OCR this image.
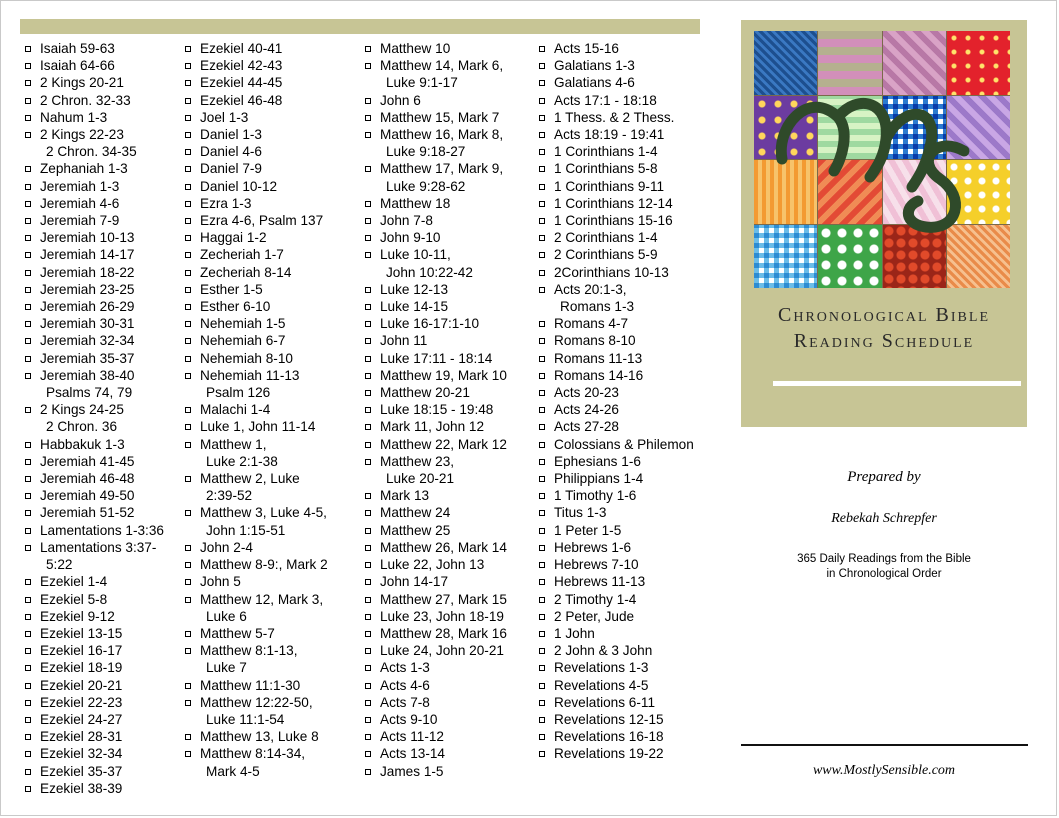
Isaiah 59-63
Isaiah 64-66
2 Kings 20-21
2 Chron. 32-33
Nahum 1-3
2 Kings 22-23
2 Chron. 34-35
Zephaniah 1-3
Jeremiah 1-3
Jeremiah 4-6
Jeremiah 7-9
Jeremiah 10-13
Jeremiah 14-17
Jeremiah 18-22
Jeremiah 23-25
Jeremiah 26-29
Jeremiah 30-31
Jeremiah 32-34
Jeremiah 35-37
Jeremiah 38-40
Psalms 74, 79
2 Kings 24-25
2 Chron. 36
Habbakuk 1-3
Jeremiah 41-45
Jeremiah 46-48
Jeremiah 49-50
Jeremiah 51-52
Lamentations 1-3:36
Lamentations 3:37-
5:22
Ezekiel 1-4
Ezekiel 5-8
Ezekiel 9-12
Ezekiel 13-15
Ezekiel 16-17
Ezekiel 18-19
Ezekiel 20-21
Ezekiel 22-23
Ezekiel 24-27
Ezekiel 28-31
Ezekiel 32-34
Ezekiel 35-37
Ezekiel 38-39
Ezekiel 40-41
Ezekiel 42-43
Ezekiel 44-45
Ezekiel 46-48
Joel 1-3
Daniel 1-3
Daniel 4-6
Daniel 7-9
Daniel 10-12
Ezra 1-3
Ezra 4-6, Psalm 137
Haggai 1-2
Zecheriah 1-7
Zecheriah 8-14
Esther 1-5
Esther 6-10
Nehemiah 1-5
Nehemiah 6-7
Nehemiah 8-10
Nehemiah 11-13
Psalm 126
Malachi 1-4
Luke 1, John 11-14
Matthew 1,
Luke 2:1-38
Matthew 2, Luke
2:39-52
Matthew 3, Luke 4-5,
John 1:15-51
John 2-4
Matthew 8-9:, Mark 2
John 5
Matthew 12, Mark 3,
Luke 6
Matthew 5-7
Matthew 8:1-13,
Luke 7
Matthew 11:1-30
Matthew 12:22-50,
Luke 11:1-54
Matthew 13, Luke 8
Matthew 8:14-34,
Mark 4-5
Matthew 10
Matthew 14, Mark 6,
Luke 9:1-17
John 6
Matthew 15, Mark 7
Matthew 16, Mark 8,
Luke 9:18-27
Matthew 17, Mark 9,
Luke 9:28-62
Matthew 18
John 7-8
John 9-10
Luke 10-11,
John 10:22-42
Luke 12-13
Luke 14-15
Luke 16-17:1-10
John 11
Luke 17:11 - 18:14
Matthew 19, Mark 10
Matthew 20-21
Luke 18:15 - 19:48
Mark 11, John 12
Matthew 22, Mark 12
Matthew 23,
Luke 20-21
Mark 13
Matthew 24
Matthew 25
Matthew 26, Mark 14
Luke 22, John 13
John 14-17
Matthew 27, Mark 15
Luke 23, John 18-19
Matthew 28, Mark 16
Luke 24, John 20-21
Acts 1-3
Acts 4-6
Acts 7-8
Acts 9-10
Acts 11-12
Acts 13-14
James 1-5
Acts 15-16
Galatians 1-3
Galatians 4-6
Acts 17:1 - 18:18
1 Thess. & 2 Thess.
Acts 18:19 - 19:41
1 Corinthians 1-4
1 Corinthians 5-8
1 Corinthians 9-11
1 Corinthians 12-14
1 Corinthians 15-16
2 Corinthians 1-4
2 Corinthians 5-9
2Corinthians 10-13
Acts 20:1-3,
Romans 1-3
Romans 4-7
Romans 8-10
Romans 11-13
Romans 14-16
Acts 20-23
Acts 24-26
Acts 27-28
Colossians & Philemon
Ephesians 1-6
Philippians 1-4
1 Timothy 1-6
Titus 1-3
1 Peter 1-5
Hebrews 1-6
Hebrews 7-10
Hebrews 11-13
2 Timothy 1-4
2 Peter, Jude
1 John
2 John & 3 John
Revelations 1-3
Revelations 4-5
Revelations 6-11
Revelations 12-15
Revelations 16-18
Revelations 19-22
Chronological Bible
Reading Schedule
Prepared by
Rebekah Schrepfer
365 Daily Readings from the Bible
in Chronological Order
www.MostlySensible.com
